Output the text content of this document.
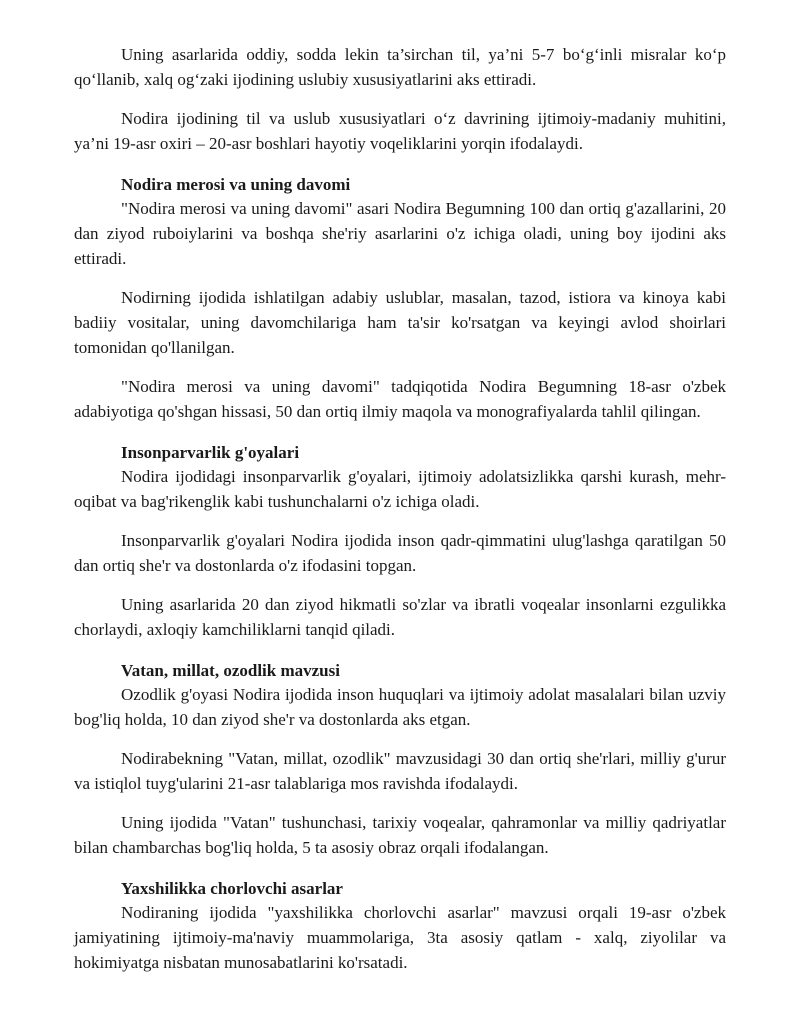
Uning asarlarida oddiy, sodda lekin ta’sirchan til, ya’ni 5-7 bo‘g‘inli misralar ko‘p qo‘llanib, xalq og‘zaki ijodining uslubiy xususiyatlarini aks ettiradi.

Nodira ijodining til va uslub xususiyatlari o‘z davrining ijtimoiy-madaniy muhitini, ya’ni 19-asr oxiri – 20-asr boshlari hayotiy voqeliklarini yorqin ifodalaydi.

Nodira merosi va uning davomi

"Nodira merosi va uning davomi" asari Nodira Begumning 100 dan ortiq g'azallarini, 20 dan ziyod ruboiylarini va boshqa she'riy asarlarini o'z ichiga oladi, uning boy ijodini aks ettiradi.

Nodirning ijodida ishlatilgan adabiy uslublar, masalan, tazod, istiora va kinoya kabi badiiy vositalar, uning davomchilariga ham ta'sir ko'rsatgan va keyingi avlod shoirlari tomonidan qo'llanilgan.

"Nodira merosi va uning davomi" tadqiqotida Nodira Begumning 18-asr o'zbek adabiyotiga qo'shgan hissasi, 50 dan ortiq ilmiy maqola va monografiyalarda tahlil qilingan.

Insonparvarlik g'oyalari

Nodira ijodidagi insonparvarlik g'oyalari, ijtimoiy adolatsizlikka qarshi kurash, mehr-oqibat va bag'rikenglik kabi tushunchalarni o'z ichiga oladi.

Insonparvarlik g'oyalari Nodira ijodida inson qadr-qimmatini ulug'lashga qaratilgan 50 dan ortiq she'r va dostonlarda o'z ifodasini topgan.

Uning asarlarida 20 dan ziyod hikmatli so'zlar va ibratli voqealar insonlarni ezgulikka chorlaydi, axloqiy kamchiliklarni tanqid qiladi.

Vatan, millat, ozodlik mavzusi

Ozodlik g'oyasi Nodira ijodida inson huquqlari va ijtimoiy adolat masalalari bilan uzviy bog'liq holda, 10 dan ziyod she'r va dostonlarda aks etgan.

Nodirabekning "Vatan, millat, ozodlik" mavzusidagi 30 dan ortiq she'rlari, milliy g'urur va istiqlol tuyg'ularini 21-asr talablariga mos ravishda ifodalaydi.

Uning ijodida "Vatan" tushunchasi, tarixiy voqealar, qahramonlar va milliy qadriyatlar bilan chambarchas bog'liq holda, 5 ta asosiy obraz orqali ifodalangan.

Yaxshilikka chorlovchi asarlar

Nodiraning ijodida "yaxshilikka chorlovchi asarlar" mavzusi orqali 19-asr o'zbek jamiyatining ijtimoiy-ma'naviy muammolariga, 3ta asosiy qatlam - xalq, ziyolilar va hokimiyatga nisbatan munosabatlarini ko'rsatadi.
